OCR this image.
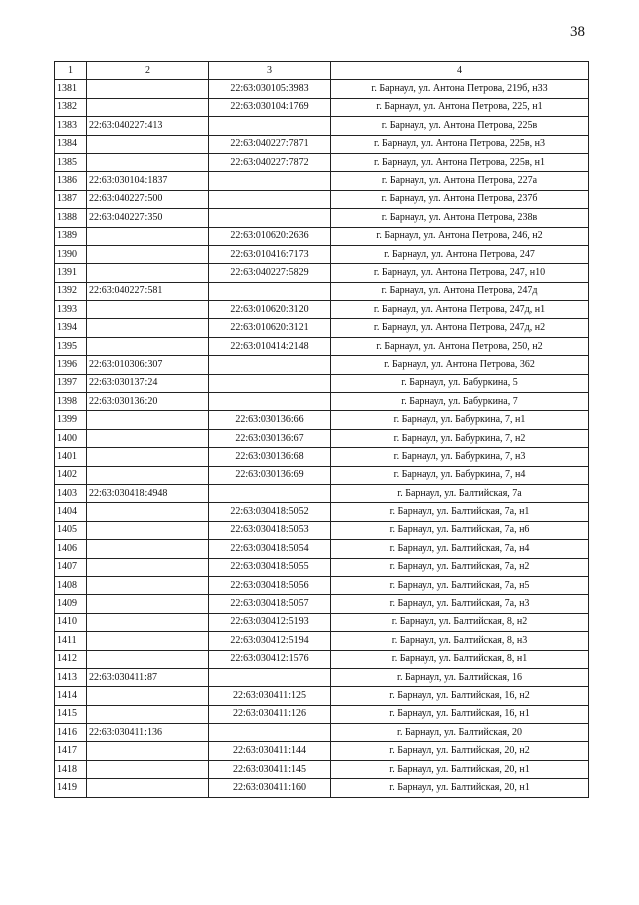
38
1	2	3	4
1381		22:63:030105:3983	г. Барнаул, ул. Антона Петрова, 219б, н33
1382		22:63:030104:1769	г. Барнаул, ул. Антона Петрова, 225, н1
1383	22:63:040227:413		г. Барнаул, ул. Антона Петрова, 225в
1384		22:63:040227:7871	г. Барнаул, ул. Антона Петрова, 225в, н3
1385		22:63:040227:7872	г. Барнаул, ул. Антона Петрова, 225в, н1
1386	22:63:030104:1837		г. Барнаул, ул. Антона Петрова, 227а
1387	22:63:040227:500		г. Барнаул, ул. Антона Петрова, 237б
1388	22:63:040227:350		г. Барнаул, ул. Антона Петрова, 238в
1389		22:63:010620:2636	г. Барнаул, ул. Антона Петрова, 246, н2
1390		22:63:010416:7173	г. Барнаул, ул. Антона Петрова, 247
1391		22:63:040227:5829	г. Барнаул, ул. Антона Петрова, 247, н10
1392	22:63:040227:581		г. Барнаул, ул. Антона Петрова, 247д
1393		22:63:010620:3120	г. Барнаул, ул. Антона Петрова, 247д, н1
1394		22:63:010620:3121	г. Барнаул, ул. Антона Петрова, 247д, н2
1395		22:63:010414:2148	г. Барнаул, ул. Антона Петрова, 250, н2
1396	22:63:010306:307		г. Барнаул, ул. Антона Петрова, 362
1397	22:63:030137:24		г. Барнаул, ул. Бабуркина, 5
1398	22:63:030136:20		г. Барнаул, ул. Бабуркина, 7
1399		22:63:030136:66	г. Барнаул, ул. Бабуркина, 7, н1
1400		22:63:030136:67	г. Барнаул, ул. Бабуркина, 7, н2
1401		22:63:030136:68	г. Барнаул, ул. Бабуркина, 7, н3
1402		22:63:030136:69	г. Барнаул, ул. Бабуркина, 7, н4
1403	22:63:030418:4948		г. Барнаул, ул. Балтийская, 7а
1404		22:63:030418:5052	г. Барнаул, ул. Балтийская, 7а, н1
1405		22:63:030418:5053	г. Барнаул, ул. Балтийская, 7а, н6
1406		22:63:030418:5054	г. Барнаул, ул. Балтийская, 7а, н4
1407		22:63:030418:5055	г. Барнаул, ул. Балтийская, 7а, н2
1408		22:63:030418:5056	г. Барнаул, ул. Балтийская, 7а, н5
1409		22:63:030418:5057	г. Барнаул, ул. Балтийская, 7а, н3
1410		22:63:030412:5193	г. Барнаул, ул. Балтийская, 8, н2
1411		22:63:030412:5194	г. Барнаул, ул. Балтийская, 8, н3
1412		22:63:030412:1576	г. Барнаул, ул. Балтийская, 8, н1
1413	22:63:030411:87		г. Барнаул, ул. Балтийская, 16
1414		22:63:030411:125	г. Барнаул, ул. Балтийская, 16, н2
1415		22:63:030411:126	г. Барнаул, ул. Балтийская, 16, н1
1416	22:63:030411:136		г. Барнаул, ул. Балтийская, 20
1417		22:63:030411:144	г. Барнаул, ул. Балтийская, 20, н2
1418		22:63:030411:145	г. Барнаул, ул. Балтийская, 20, н1
1419		22:63:030411:160	г. Барнаул, ул. Балтийская, 20, н1
